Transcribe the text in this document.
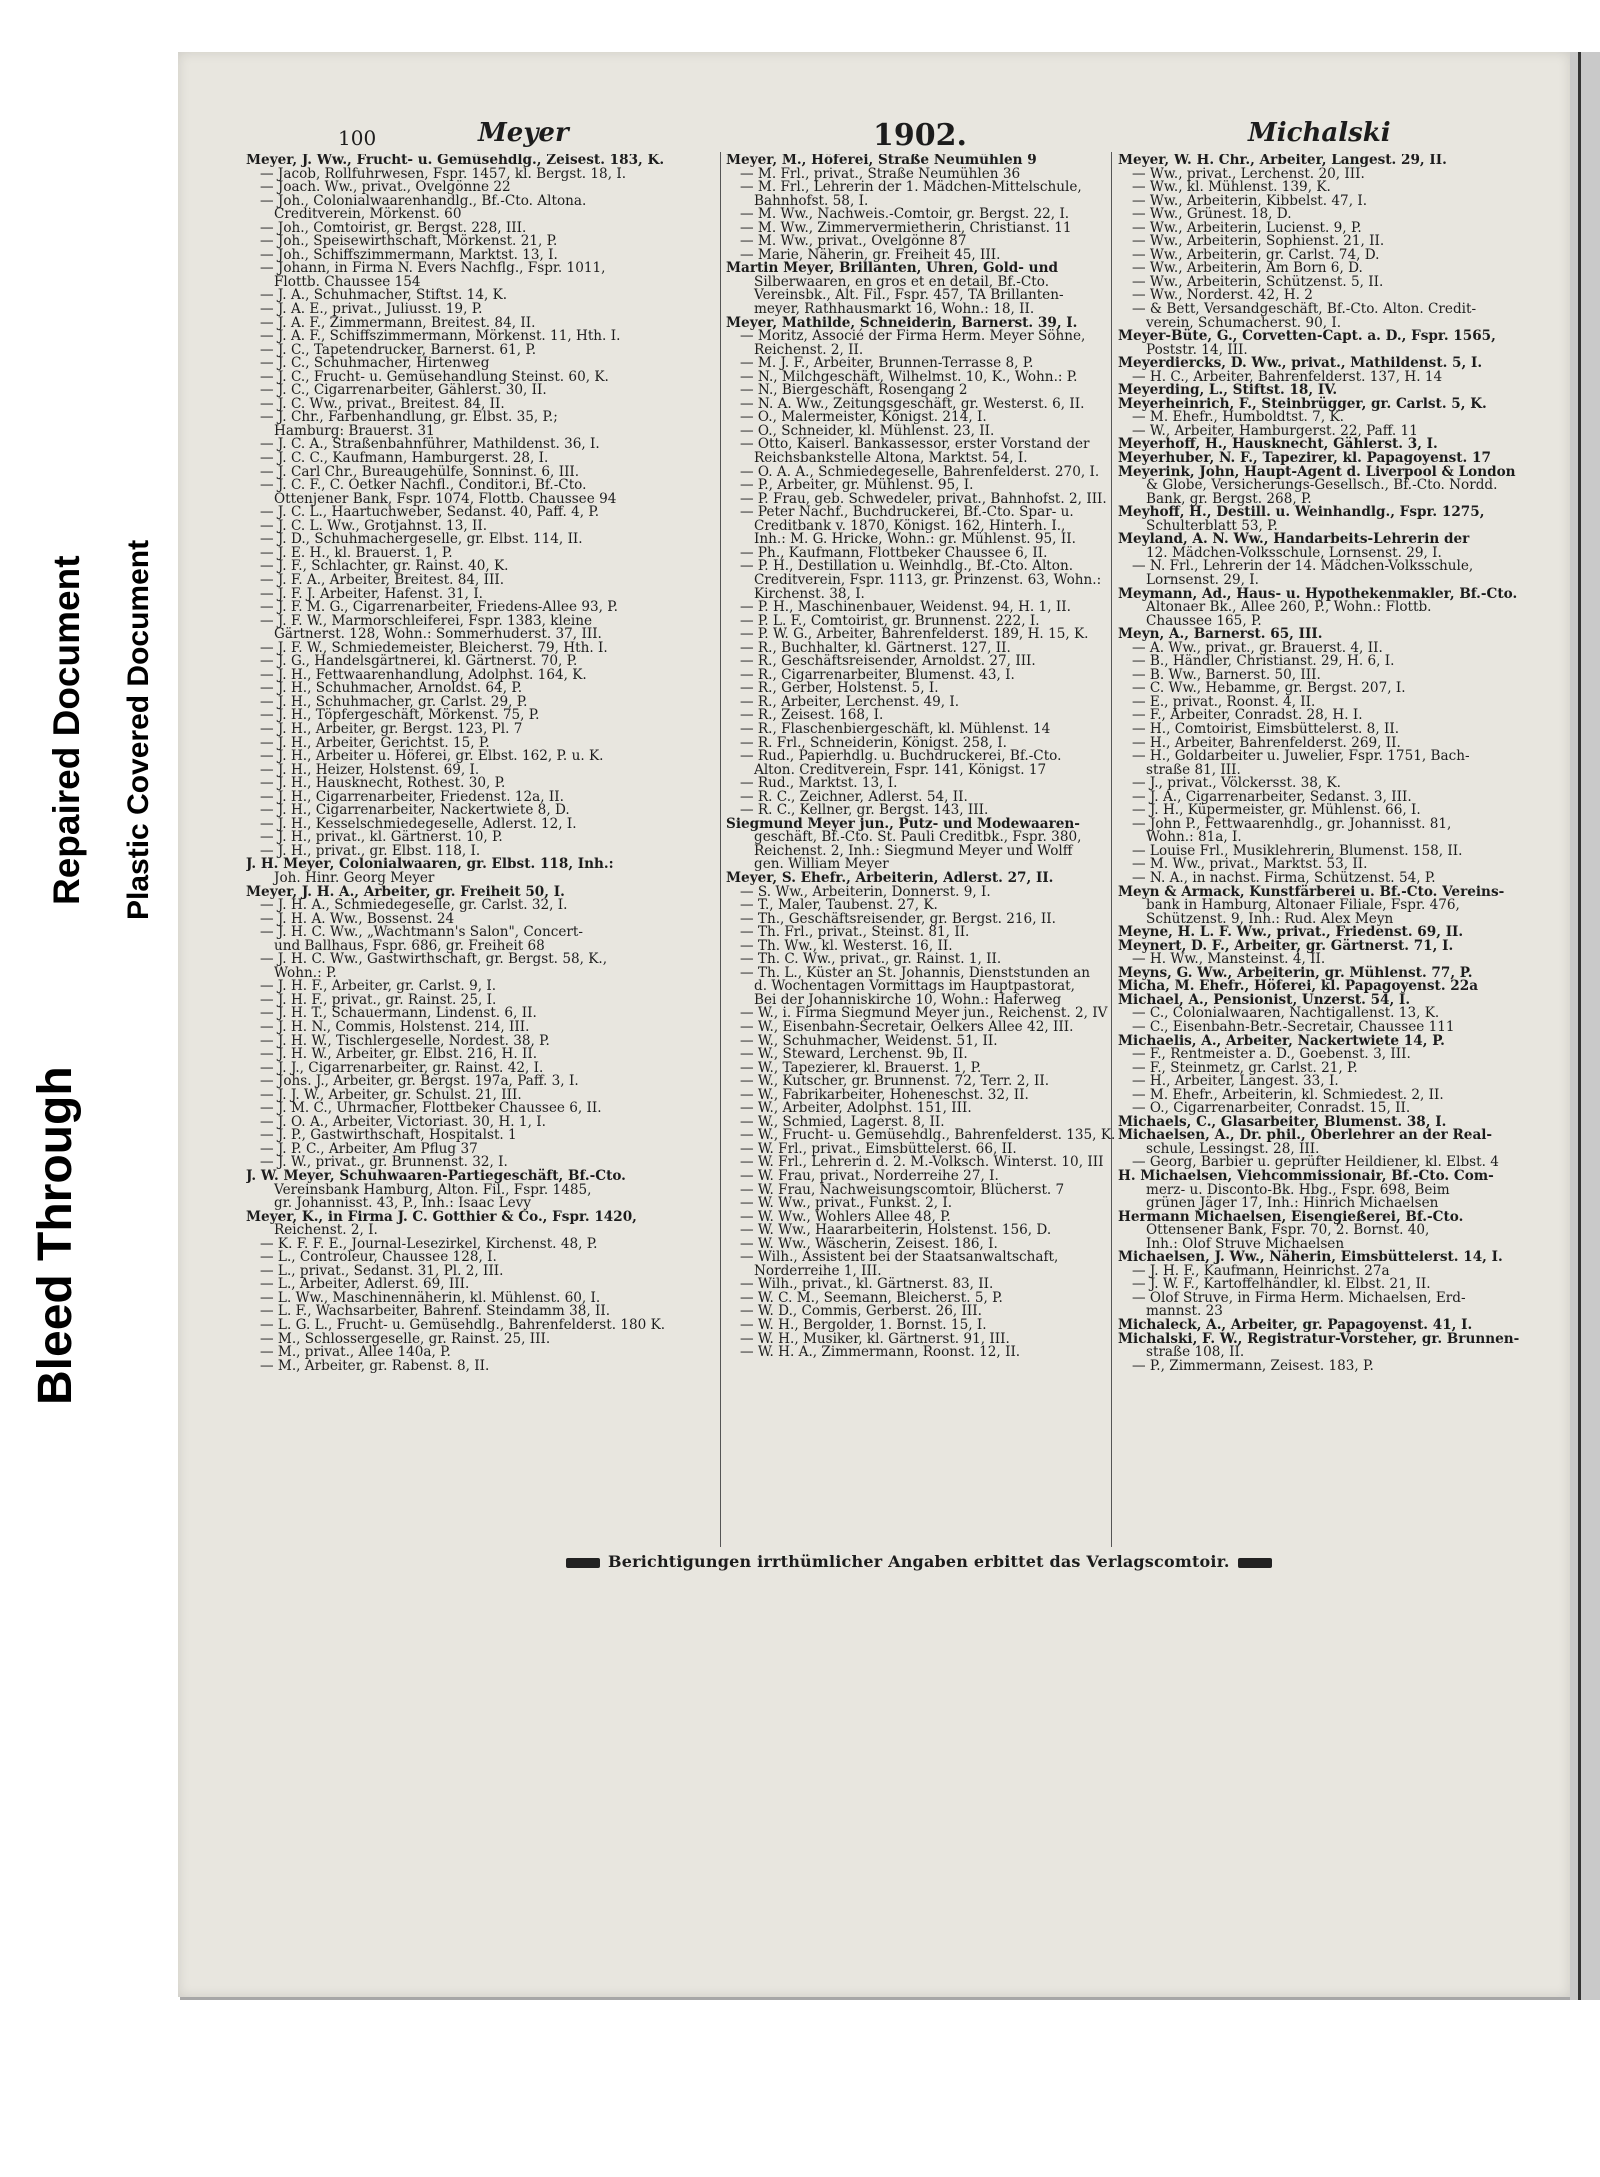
Bleed Through
Repaired Document Plastic Covered Document
100	Meyer	1902.	Michalski
Meyer, J. Ww., Frucht- u. Gemüsehdlg., Zeisest. 183, K.
— Jacob, Rollfuhrwesen, Fspr. 1457, kl. Bergst. 18, I.
— Joach. Ww., privat., Ovelgönne 22
— Joh., Colonialwaarenhandlg., Bf.-Cto. Altona.
Creditverein, Mörkenst. 60
— Joh., Comtoirist, gr. Bergst. 228, III.
— Joh., Speisewirthschaft, Mörkenst. 21, P.
— Joh., Schiffszimmermann, Marktst. 13, I.
— Johann, in Firma N. Evers Nachflg., Fspr. 1011,
Flottb. Chaussee 154
— J. A., Schuhmacher, Stiftst. 14, K.
— J. A. E., privat., Juliusst. 19, P.
— J. A. F., Zimmermann, Breitest. 84, II.
— J. A. F., Schiffszimmermann, Mörkenst. 11, Hth. I.
— J. C., Tapetendrucker, Barnerst. 61, P.
— J. C., Schuhmacher, Hirtenweg
— J. C., Frucht- u. Gemüsehandlung Steinst. 60, K.
— J. C., Cigarrenarbeiter, Gählerst. 30, II.
— J. C. Ww., privat., Breitest. 84, II.
— J. Chr., Farbenhandlung, gr. Elbst. 35, P.;
Hamburg: Brauerst. 31
— J. C. A., Straßenbahnführer, Mathildenst. 36, I.
— J. C. C., Kaufmann, Hamburgerst. 28, I.
— J. Carl Chr., Bureaugehülfe, Sonninst. 6, III.
— J. C. F., C. Oetker Nachfl., Conditor.i, Bf.-Cto.
Ottenjener Bank, Fspr. 1074, Flottb. Chaussee 94
— J. C. L., Haartuchweber, Sedanst. 40, Paff. 4, P.
— J. C. L. Ww., Grotjahnst. 13, II.
— J. D., Schuhmachergeselle, gr. Elbst. 114, II.
— J. E. H., kl. Brauerst. 1, P.
— J. F., Schlachter, gr. Rainst. 40, K.
— J. F. A., Arbeiter, Breitest. 84, III.
— J. F. J. Arbeiter, Hafenst. 31, I.
— J. F. M. G., Cigarrenarbeiter, Friedens-Allee 93, P.
— J. F. W., Marmorschleiferei, Fspr. 1383, kleine
Gärtnerst. 128, Wohn.: Sommerhuderst. 37, III.
— J. F. W., Schmiedemeister, Bleicherst. 79, Hth. I.
— J. G., Handelsgärtnerei, kl. Gärtnerst. 70, P.
— J. H., Fettwaarenhandlung, Adolphst. 164, K.
— J. H., Schuhmacher, Arnoldst. 64, P.
— J. H., Schuhmacher, gr. Carlst. 29, P.
— J. H., Töpfergeschäft, Mörkenst. 75, P.
— J. H., Arbeiter, gr. Bergst. 123, Pl. 7
— J. H., Arbeiter, Gerichtst. 15, P.
— J. H., Arbeiter u. Höferei, gr. Elbst. 162, P. u. K.
— J. H., Heizer, Holstenst. 69, I.
— J. H., Hausknecht, Rothest. 30, P.
— J. H., Cigarrenarbeiter, Friedenst. 12a, II.
— J. H., Cigarrenarbeiter, Nackertwiete 8, D.
— J. H., Kesselschmiedegeselle, Adlerst. 12, I.
— J. H., privat., kl. Gärtnerst. 10, P.
— J. H., privat., gr. Elbst. 118, I.
J. H. Meyer, Colonialwaaren, gr. Elbst. 118, Inh.:
Joh. Hinr. Georg Meyer
Meyer, J. H. A., Arbeiter, gr. Freiheit 50, I.
— J. H. A., Schmiedegeselle, gr. Carlst. 32, I.
— J. H. A. Ww., Bossenst. 24
— J. H. C. Ww., „Wachtmann's Salon", Concert-
und Ballhaus, Fspr. 686, gr. Freiheit 68
— J. H. C. Ww., Gastwirthschaft, gr. Bergst. 58, K.,
Wohn.: P.
— J. H. F., Arbeiter, gr. Carlst. 9, I.
— J. H. F., privat., gr. Rainst. 25, I.
— J. H. T., Schauermann, Lindenst. 6, II.
— J. H. N., Commis, Holstenst. 214, III.
— J. H. W., Tischlergeselle, Nordest. 38, P.
— J. H. W., Arbeiter, gr. Elbst. 216, H. II.
— J. J., Cigarrenarbeiter, gr. Rainst. 42, I.
— Johs. J., Arbeiter, gr. Bergst. 197a, Paff. 3, I.
— J. J. W., Arbeiter, gr. Schulst. 21, III.
— J. M. C., Uhrmacher, Flottbeker Chaussee 6, II.
— J. O. A., Arbeiter, Victoriast. 30, H. 1, I.
— J. P., Gastwirthschaft, Hospitalst. 1
— J. P. C., Arbeiter, Am Pflug 37
— J. W., privat., gr. Brunnenst. 32, I.
J. W. Meyer, Schuhwaaren-Partiegeschäft, Bf.-Cto.
Vereinsbank Hamburg, Alton. Fil., Fspr. 1485,
gr. Johannisst. 43, P., Inh.: Isaac Levy
Meyer, K., in Firma J. C. Gotthier & Co., Fspr. 1420,
Reichenst. 2, I.
— K. F. F. E., Journal-Lesezirkel, Kirchenst. 48, P.
— L., Controleur, Chaussee 128, I.
— L., privat., Sedanst. 31, Pl. 2, III.
— L., Arbeiter, Adlerst. 69, III.
— L. Ww., Maschinennäherin, kl. Mühlenst. 60, I.
— L. F., Wachsarbeiter, Bahrenf. Steindamm 38, II.
— L. G. L., Frucht- u. Gemüsehdlg., Bahrenfelderst. 180 K.
— M., Schlossergeselle, gr. Rainst. 25, III.
— M., privat., Allee 140a, P.
— M., Arbeiter, gr. Rabenst. 8, II.
Meyer, M., Höferei, Straße Neumühlen 9
— M. Frl., privat., Straße Neumühlen 36
— M. Frl., Lehrerin der 1. Mädchen-Mittelschule,
Bahnhofst. 58, I.
— M. Ww., Nachweis.-Comtoir, gr. Bergst. 22, I.
— M. Ww., Zimmervermietherin, Christianst. 11
— M. Ww., privat., Ovelgönne 87
— Marie, Näherin, gr. Freiheit 45, III.
Martin Meyer, Brillanten, Uhren, Gold- und
Silberwaaren, en gros et en detail, Bf.-Cto.
Vereinsbk., Alt. Fil., Fspr. 457, TA Brillanten-
meyer, Rathhausmarkt 16, Wohn.: 18, II.
Meyer, Mathilde, Schneiderin, Barnerst. 39, I.
— Moritz, Associé der Firma Herm. Meyer Söhne,
Reichenst. 2, II.
— M. J. F., Arbeiter, Brunnen-Terrasse 8, P.
— N., Milchgeschäft, Wilhelmst. 10, K., Wohn.: P.
— N., Biergeschäft, Rosengang 2
— N. A. Ww., Zeitungsgeschäft, gr. Westerst. 6, II.
— O., Malermeister, Königst. 214, I.
— O., Schneider, kl. Mühlenst. 23, II.
— Otto, Kaiserl. Bankassessor, erster Vorstand der
Reichsbankstelle Altona, Marktst. 54, I.
— O. A. A., Schmiedegeselle, Bahrenfelderst. 270, I.
— P., Arbeiter, gr. Mühlenst. 95, I.
— P. Frau, geb. Schwedeler, privat., Bahnhofst. 2, III.
— Peter Nachf., Buchdruckerei, Bf.-Cto. Spar- u.
Creditbank v. 1870, Königst. 162, Hinterh. I.,
Inh.: M. G. Hricke, Wohn.: gr. Mühlenst. 95, II.
— Ph., Kaufmann, Flottbeker Chaussee 6, II.
— P. H., Destillation u. Weinhdlg., Bf.-Cto. Alton.
Creditverein, Fspr. 1113, gr. Prinzenst. 63, Wohn.:
Kirchenst. 38, I.
— P. H., Maschinenbauer, Weidenst. 94, H. 1, II.
— P. L. F., Comtoirist, gr. Brunnenst. 222, I.
— P. W. G., Arbeiter, Bahrenfelderst. 189, H. 15, K.
— R., Buchhalter, kl. Gärtnerst. 127, II.
— R., Geschäftsreisender, Arnoldst. 27, III.
— R., Cigarrenarbeiter, Blumenst. 43, I.
— R., Gerber, Holstenst. 5, I.
— R., Arbeiter, Lerchenst. 49, I.
— R., Zeisest. 168, I.
— R., Flaschenbiergeschäft, kl. Mühlenst. 14
— R. Frl., Schneiderin, Königst. 258, I.
— Rud., Papierhdlg. u. Buchdruckerei, Bf.-Cto.
Alton. Creditverein, Fspr. 141, Königst. 17
— Rud., Marktst. 13, I.
— R. C., Zeichner, Adlerst. 54, II.
— R. C., Kellner, gr. Bergst. 143, III.
Siegmund Meyer jun., Putz- und Modewaaren-
geschäft, Bf.-Cto. St. Pauli Creditbk., Fspr. 380,
Reichenst. 2, Inh.: Siegmund Meyer und Wolff
gen. William Meyer
Meyer, S. Ehefr., Arbeiterin, Adlerst. 27, II.
— S. Ww., Arbeiterin, Donnerst. 9, I.
— T., Maler, Taubenst. 27, K.
— Th., Geschäftsreisender, gr. Bergst. 216, II.
— Th. Frl., privat., Steinst. 81, II.
— Th. Ww., kl. Westerst. 16, II.
— Th. C. Ww., privat., gr. Rainst. 1, II.
— Th. L., Küster an St. Johannis, Dienststunden an
d. Wochentagen Vormittags im Hauptpastorat,
Bei der Johanniskirche 10, Wohn.: Haferweg
— W., i. Firma Siegmund Meyer jun., Reichenst. 2, IV
— W., Eisenbahn-Secretair, Oelkers Allee 42, III.
— W., Schuhmacher, Weidenst. 51, II.
— W., Steward, Lerchenst. 9b, II.
— W., Tapezierer, kl. Brauerst. 1, P.
— W., Kutscher, gr. Brunnenst. 72, Terr. 2, II.
— W., Fabrikarbeiter, Hoheneschst. 32, II.
— W., Arbeiter, Adolphst. 151, III.
— W., Schmied, Lagerst. 8, II.
— W., Frucht- u. Gemüsehdlg., Bahrenfelderst. 135, K.
— W. Frl., privat., Eimsbüttelerst. 66, II.
— W. Frl., Lehrerin d. 2. M.-Volksch. Winterst. 10, III
— W. Frau, privat., Norderreihe 27, I.
— W. Frau, Nachweisungscomtoir, Blücherst. 7
— W. Ww., privat., Funkst. 2, I.
— W. Ww., Wohlers Allee 48, P.
— W. Ww., Haararbeiterin, Holstenst. 156, D.
— W. Ww., Wäscherin, Zeisest. 186, I.
— Wilh., Assistent bei der Staatsanwaltschaft,
Norderreihe 1, III.
— Wilh., privat., kl. Gärtnerst. 83, II.
— W. C. M., Seemann, Bleicherst. 5, P.
— W. D., Commis, Gerberst. 26, III.
— W. H., Bergolder, 1. Bornst. 15, I.
— W. H., Musiker, kl. Gärtnerst. 91, III.
— W. H. A., Zimmermann, Roonst. 12, II.
Meyer, W. H. Chr., Arbeiter, Langest. 29, II.
— Ww., privat., Lerchenst. 20, III.
— Ww., kl. Mühlenst. 139, K.
— Ww., Arbeiterin, Kibbelst. 47, I.
— Ww., Grünest. 18, D.
— Ww., Arbeiterin, Lucienst. 9, P.
— Ww., Arbeiterin, Sophienst. 21, II.
— Ww., Arbeiterin, gr. Carlst. 74, D.
— Ww., Arbeiterin, Am Born 6, D.
— Ww., Arbeiterin, Schützenst. 5, II.
— Ww., Norderst. 42, H. 2
— & Bett, Versandgeschäft, Bf.-Cto. Alton. Credit-
verein, Schumacherst. 90, I.
Meyer-Büte, G., Corvetten-Capt. a. D., Fspr. 1565,
Poststr. 14, III.
Meyerdiercks, D. Ww., privat., Mathildenst. 5, I.
— H. C., Arbeiter, Bahrenfelderst. 137, H. 14
Meyerding, L., Stiftst. 18, IV.
Meyerheinrich, F., Steinbrügger, gr. Carlst. 5, K.
— M. Ehefr., Humboldtst. 7, K.
— W., Arbeiter, Hamburgerst. 22, Paff. 11
Meyerhoff, H., Hausknecht, Gählerst. 3, I.
Meyerhuber, N. F., Tapezirer, kl. Papagoyenst. 17
Meyerink, John, Haupt-Agent d. Liverpool & London
& Globe, Versicherungs-Gesellsch., Bf.-Cto. Nordd.
Bank, gr. Bergst. 268, P.
Meyhoff, H., Destill. u. Weinhandlg., Fspr. 1275,
Schulterblatt 53, P.
Meyland, A. N. Ww., Handarbeits-Lehrerin der
12. Mädchen-Volksschule, Lornsenst. 29, I.
— N. Frl., Lehrerin der 14. Mädchen-Volksschule,
Lornsenst. 29, I.
Meymann, Ad., Haus- u. Hypothekenmakler, Bf.-Cto.
Altonaer Bk., Allee 260, P., Wohn.: Flottb.
Chaussee 165, P.
Meyn, A., Barnerst. 65, III.
— A. Ww., privat., gr. Brauerst. 4, II.
— B., Händler, Christianst. 29, H. 6, I.
— B. Ww., Barnerst. 50, III.
— C. Ww., Hebamme, gr. Bergst. 207, I.
— E., privat., Roonst. 4, II.
— F., Arbeiter, Conradst. 28, H. I.
— H., Comtoirist, Eimsbüttelerst. 8, II.
— H., Arbeiter, Bahrenfelderst. 269, II.
— H., Goldarbeiter u. Juwelier, Fspr. 1751, Bach-
straße 81, III.
— J., privat., Völckersst. 38, K.
— J. A., Cigarrenarbeiter, Sedanst. 3, III.
— J. H., Küpermeister, gr. Mühlenst. 66, I.
— John P., Fettwaarenhdlg., gr. Johannisst. 81,
Wohn.: 81a, I.
— Louise Frl., Musiklehrerin, Blumenst. 158, II.
— M. Ww., privat., Marktst. 53, II.
— N. A., in nachst. Firma, Schützenst. 54, P.
Meyn & Armack, Kunstfärberei u. Bf.-Cto. Vereins-
bank in Hamburg, Altonaer Filiale, Fspr. 476,
Schützenst. 9, Inh.: Rud. Alex Meyn
Meyne, H. L. F. Ww., privat., Friedenst. 69, II.
Meynert, D. F., Arbeiter, gr. Gärtnerst. 71, I.
— H. Ww., Mansteinst. 4, II.
Meyns, G. Ww., Arbeiterin, gr. Mühlenst. 77, P.
Micha, M. Ehefr., Höferei, kl. Papagoyenst. 22a
Michael, A., Pensionist, Unzerst. 54, I.
— C., Colonialwaaren, Nachtigallenst. 13, K.
— C., Eisenbahn-Betr.-Secretair, Chaussee 111
Michaelis, A., Arbeiter, Nackertwiete 14, P.
— F., Rentmeister a. D., Goebenst. 3, III.
— F., Steinmetz, gr. Carlst. 21, P.
— H., Arbeiter, Langest. 33, I.
— M. Ehefr., Arbeiterin, kl. Schmiedest. 2, II.
— O., Cigarrenarbeiter, Conradst. 15, II.
Michaels, C., Glasarbeiter, Blumenst. 38, I.
Michaelsen, A., Dr. phil., Oberlehrer an der Real-
schule, Lessingst. 28, III.
— Georg, Barbier u. geprüfter Heildiener, kl. Elbst. 4
H. Michaelsen, Viehcommissionair, Bf.-Cto. Com-
merz- u. Disconto-Bk. Hbg., Fspr. 698, Beim
grünen Jäger 17, Inh.: Hinrich Michaelsen
Hermann Michaelsen, Eisengießerei, Bf.-Cto.
Ottensener Bank, Fspr. 70, 2. Bornst. 40,
Inh.: Olof Struve Michaelsen
Michaelsen, J. Ww., Näherin, Eimsbüttelerst. 14, I.
— J. H. F., Kaufmann, Heinrichst. 27a
— J. W. F., Kartoffelhändler, kl. Elbst. 21, II.
— Olof Struve, in Firma Herm. Michaelsen, Erd-
mannst. 23
Michaleck, A., Arbeiter, gr. Papagoyenst. 41, I.
Michalski, F. W., Registratur-Vorsteher, gr. Brunnen-
straße 108, II.
— P., Zimmermann, Zeisest. 183, P.
Berichtigungen irrthümlicher Angaben erbittet das Verlagscomtoir.
